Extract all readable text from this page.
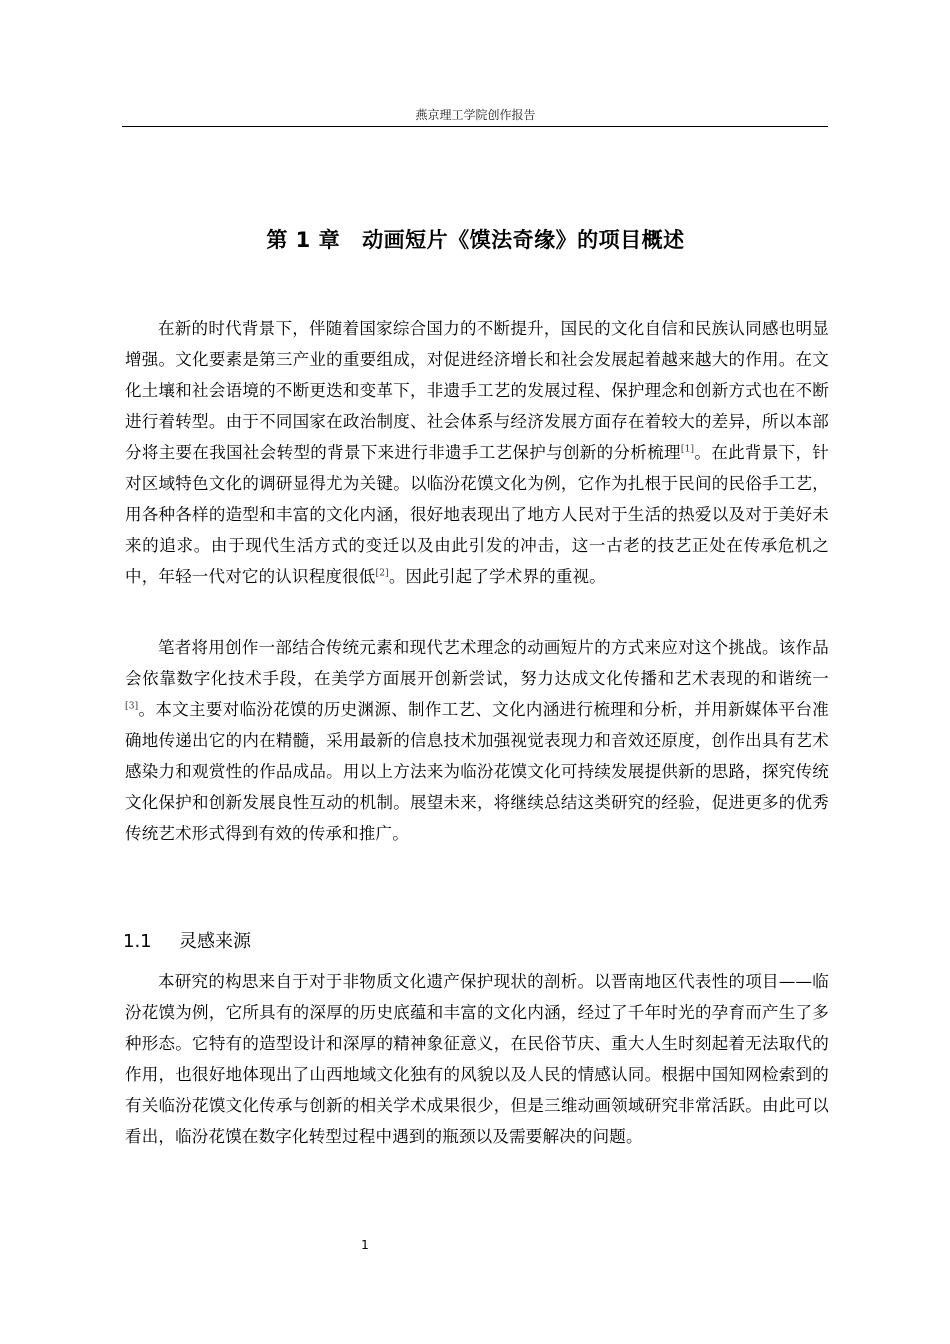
燕京理工学院创作报告
第 1 章 动画短片《馍法奇缘》的项目概述

在新的时代背景下，伴随着国家综合国力的不断提升，国民的文化自信和民族认同感也明显增强。文化要素是第三产业的重要组成，对促进经济增长和社会发展起着越来越大的作用。在文化土壤和社会语境的不断更迭和变革下，非遗手工艺的发展过程、保护理念和创新方式也在不断进行着转型。由于不同国家在政治制度、社会体系与经济发展方面存在着较大的差异，所以本部分将主要在我国社会转型的背景下来进行非遗手工艺保护与创新的分析梳理[1]。在此背景下，针对区域特色文化的调研显得尤为关键。以临汾花馍文化为例，它作为扎根于民间的民俗手工艺，用各种各样的造型和丰富的文化内涵，很好地表现出了地方人民对于生活的热爱以及对于美好未来的追求。由于现代生活方式的变迁以及由此引发的冲击，这一古老的技艺正处在传承危机之中，年轻一代对它的认识程度很低[2]。因此引起了学术界的重视。

笔者将用创作一部结合传统元素和现代艺术理念的动画短片的方式来应对这个挑战。该作品会依靠数字化技术手段，在美学方面展开创新尝试，努力达成文化传播和艺术表现的和谐统一[3]。本文主要对临汾花馍的历史渊源、制作工艺、文化内涵进行梳理和分析，并用新媒体平台准确地传递出它的内在精髓，采用最新的信息技术加强视觉表现力和音效还原度，创作出具有艺术感染力和观赏性的作品成品。用以上方法来为临汾花馍文化可持续发展提供新的思路，探究传统文化保护和创新发展良性互动的机制。展望未来，将继续总结这类研究的经验，促进更多的优秀传统艺术形式得到有效的传承和推广。

1.1 灵感来源

本研究的构思来自于对于非物质文化遗产保护现状的剖析。以晋南地区代表性的项目——临汾花馍为例，它所具有的深厚的历史底蕴和丰富的文化内涵，经过了千年时光的孕育而产生了多种形态。它特有的造型设计和深厚的精神象征意义，在民俗节庆、重大人生时刻起着无法取代的作用，也很好地体现出了山西地域文化独有的风貌以及人民的情感认同。根据中国知网检索到的有关临汾花馍文化传承与创新的相关学术成果很少，但是三维动画领域研究非常活跃。由此可以看出，临汾花馍在数字化转型过程中遇到的瓶颈以及需要解决的问题。

1
